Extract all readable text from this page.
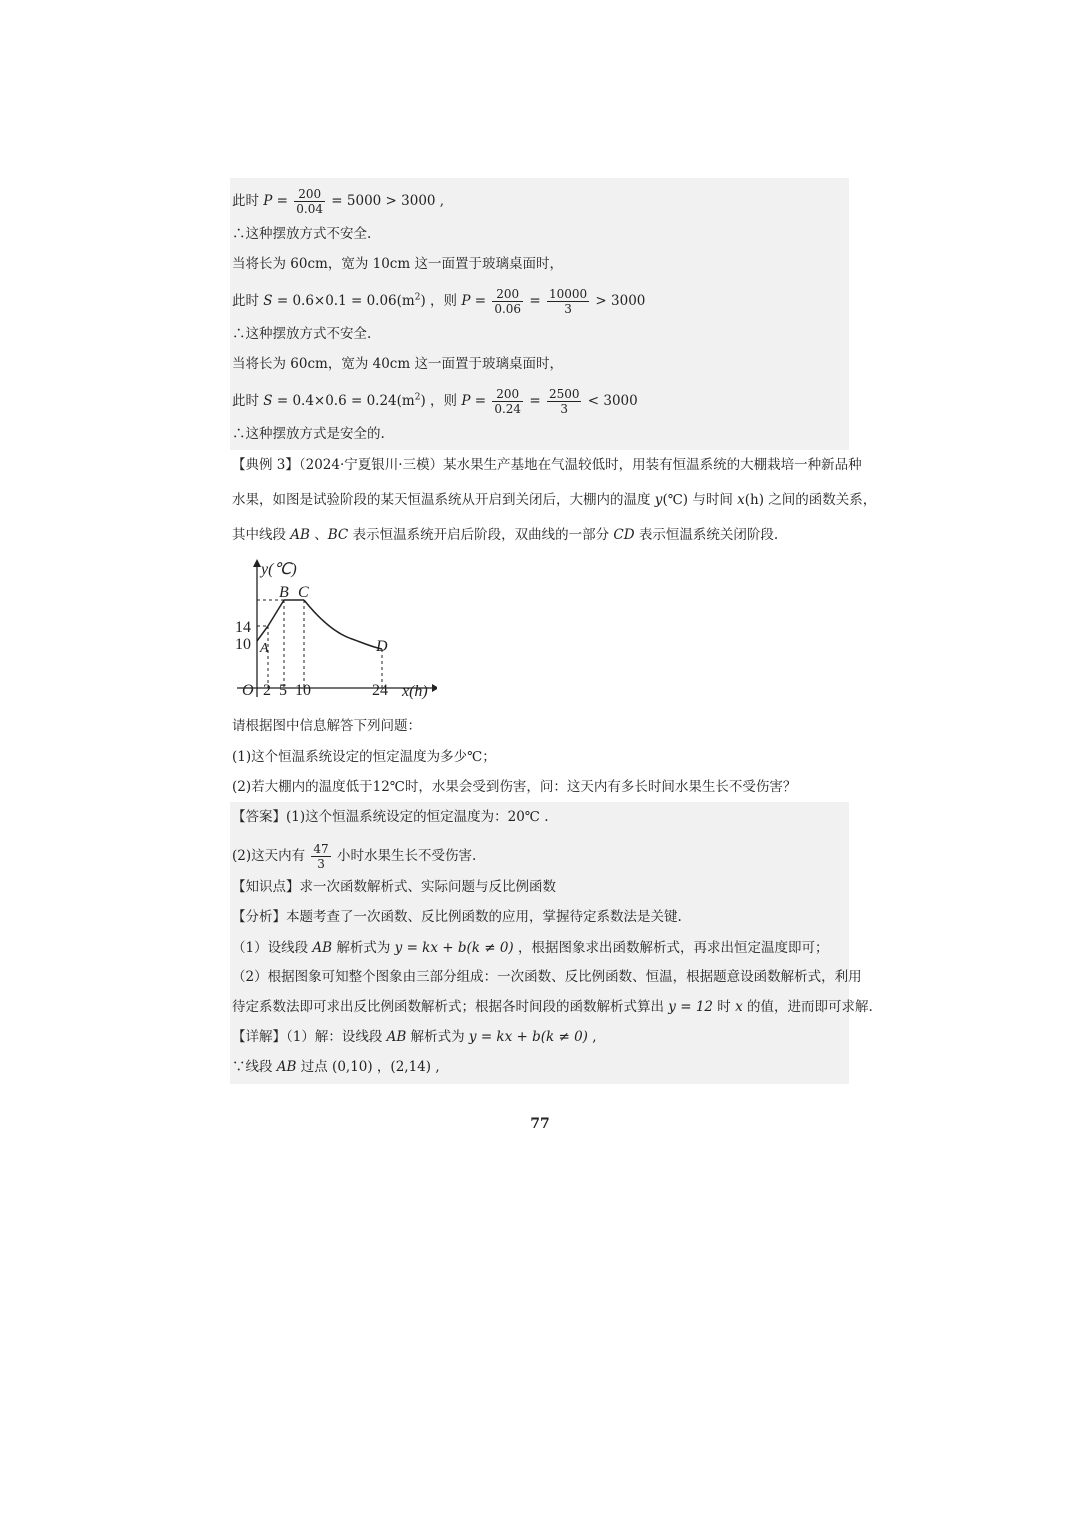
此时 $P = \frac{200}{0.04} = 5000 > 3000$ ,
∴这种摆放方式不安全.
当将长为 60cm，宽为 10cm 这一面置于玻璃桌面时，
此时 $S = 0.6\times 0.1 = 0.06(m^2)$ ，则 $P = \frac{200}{0.06} = \frac{10000}{3} > 3000$
∴这种摆放方式不安全.
当将长为 60cm，宽为 40cm 这一面置于玻璃桌面时，
此时 $S = 0.4\times 0.6 = 0.24(m^2)$ ，则 $P = \frac{200}{0.24} = \frac{2500}{3} < 3000$
∴这种摆放方式是安全的.
【典例 3】（2024·宁夏银川·三模）某水果生产基地在气温较低时，用装有恒温系统的大棚栽培一种新品种
水果，如图是试验阶段的某天恒温系统从开启到关闭后，大棚内的温度 y(℃) 与时间 x(h) 之间的函数关系，
其中线段 AB 、BC 表示恒温系统开启后阶段，双曲线的一部分 CD 表示恒温系统关闭阶段.
y(℃)
x(h)
O
14
10
2 5 10	24
A
B C
D
请根据图中信息解答下列问题：
(1)这个恒温系统设定的恒定温度为多少℃；
(2)若大棚内的温度低于12℃时，水果会受到伤害，问：这天内有多长时间水果生长不受伤害？
【答案】(1)这个恒温系统设定的恒定温度为：20℃ .
(2)这天内有 $\frac{47}{3}$ 小时水果生长不受伤害.
【知识点】求一次函数解析式、实际问题与反比例函数
【分析】本题考查了一次函数、反比例函数的应用，掌握待定系数法是关键.
（1）设线段 AB 解析式为 y = kx + b(k ≠ 0) ，根据图象求出函数解析式，再求出恒定温度即可；
（2）根据图象可知整个图象由三部分组成：一次函数、反比例函数、恒温，根据题意设函数解析式，利用
待定系数法即可求出反比例函数解析式；根据各时间段的函数解析式算出 y = 12 时 x 的值，进而即可求解.
【详解】（1）解：设线段 AB 解析式为 y = kx + b(k ≠ 0) ,
∵线段 AB 过点 (0,10) ，(2,14) ,
77
